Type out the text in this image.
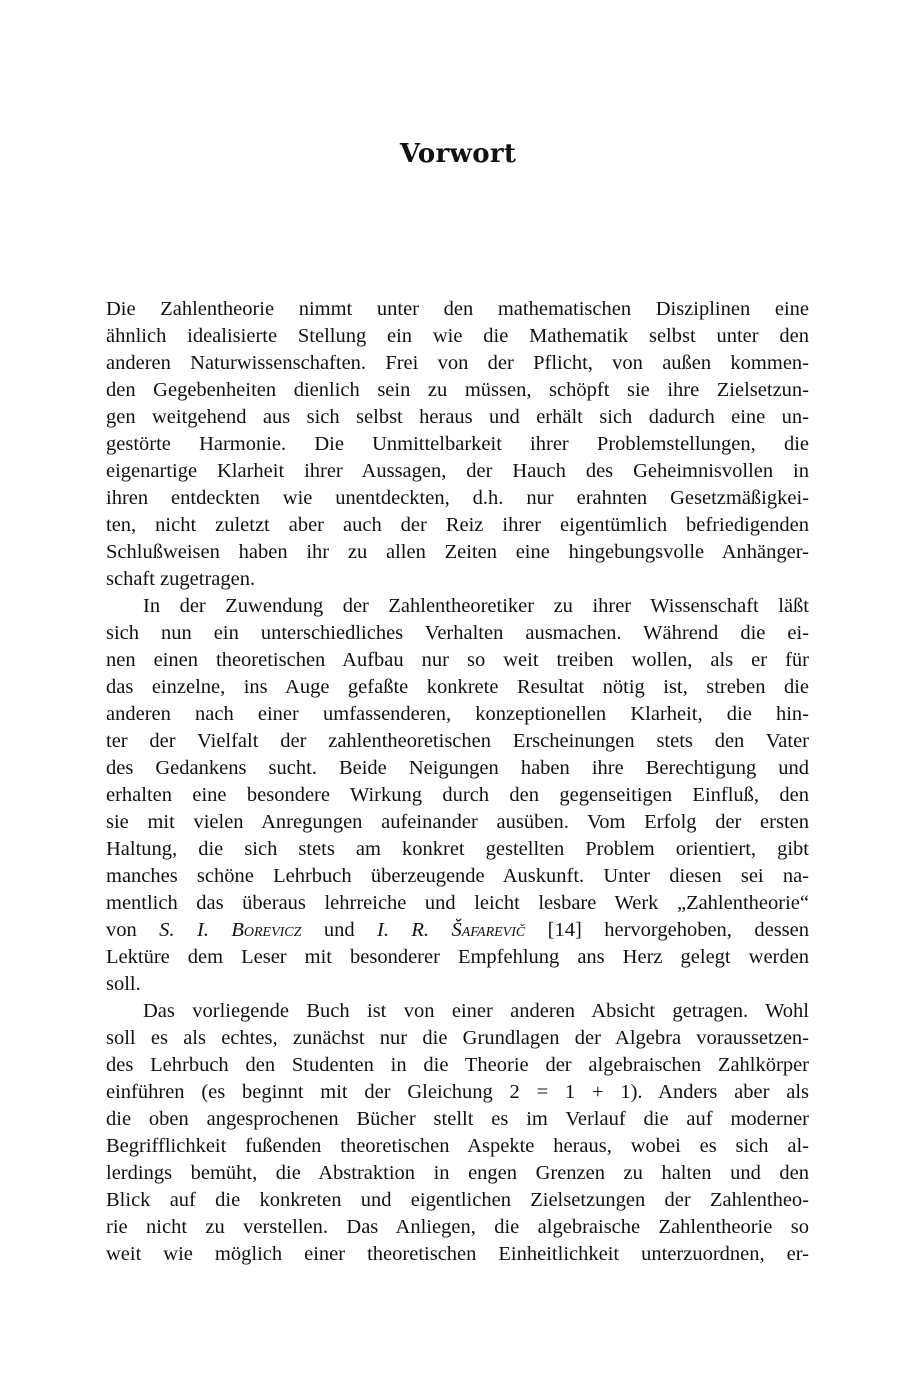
Vorwort
Die Zahlentheorie nimmt unter den mathematischen Disziplinen eine
ähnlich idealisierte Stellung ein wie die Mathematik selbst unter den
anderen Naturwissenschaften. Frei von der Pflicht, von außen kommen-
den Gegebenheiten dienlich sein zu müssen, schöpft sie ihre Zielsetzun-
gen weitgehend aus sich selbst heraus und erhält sich dadurch eine un-
gestörte Harmonie. Die Unmittelbarkeit ihrer Problemstellungen, die
eigenartige Klarheit ihrer Aussagen, der Hauch des Geheimnisvollen in
ihren entdeckten wie unentdeckten, d.h. nur erahnten Gesetzmäßigkei-
ten, nicht zuletzt aber auch der Reiz ihrer eigentümlich befriedigenden
Schlußweisen haben ihr zu allen Zeiten eine hingebungsvolle Anhänger-
schaft zugetragen.
In der Zuwendung der Zahlentheoretiker zu ihrer Wissenschaft läßt
sich nun ein unterschiedliches Verhalten ausmachen. Während die ei-
nen einen theoretischen Aufbau nur so weit treiben wollen, als er für
das einzelne, ins Auge gefaßte konkrete Resultat nötig ist, streben die
anderen nach einer umfassenderen, konzeptionellen Klarheit, die hin-
ter der Vielfalt der zahlentheoretischen Erscheinungen stets den Vater
des Gedankens sucht. Beide Neigungen haben ihre Berechtigung und
erhalten eine besondere Wirkung durch den gegenseitigen Einfluß, den
sie mit vielen Anregungen aufeinander ausüben. Vom Erfolg der ersten
Haltung, die sich stets am konkret gestellten Problem orientiert, gibt
manches schöne Lehrbuch überzeugende Auskunft. Unter diesen sei na-
mentlich das überaus lehrreiche und leicht lesbare Werk „Zahlentheorie“
von S. I. Borevicz und I. R. Šafarevič [14] hervorgehoben, dessen
Lektüre dem Leser mit besonderer Empfehlung ans Herz gelegt werden
soll.
Das vorliegende Buch ist von einer anderen Absicht getragen. Wohl
soll es als echtes, zunächst nur die Grundlagen der Algebra voraussetzen-
des Lehrbuch den Studenten in die Theorie der algebraischen Zahlkörper
einführen (es beginnt mit der Gleichung 2 = 1 + 1). Anders aber als
die oben angesprochenen Bücher stellt es im Verlauf die auf moderner
Begrifflichkeit fußenden theoretischen Aspekte heraus, wobei es sich al-
lerdings bemüht, die Abstraktion in engen Grenzen zu halten und den
Blick auf die konkreten und eigentlichen Zielsetzungen der Zahlentheo-
rie nicht zu verstellen. Das Anliegen, die algebraische Zahlentheorie so
weit wie möglich einer theoretischen Einheitlichkeit unterzuordnen, er-
